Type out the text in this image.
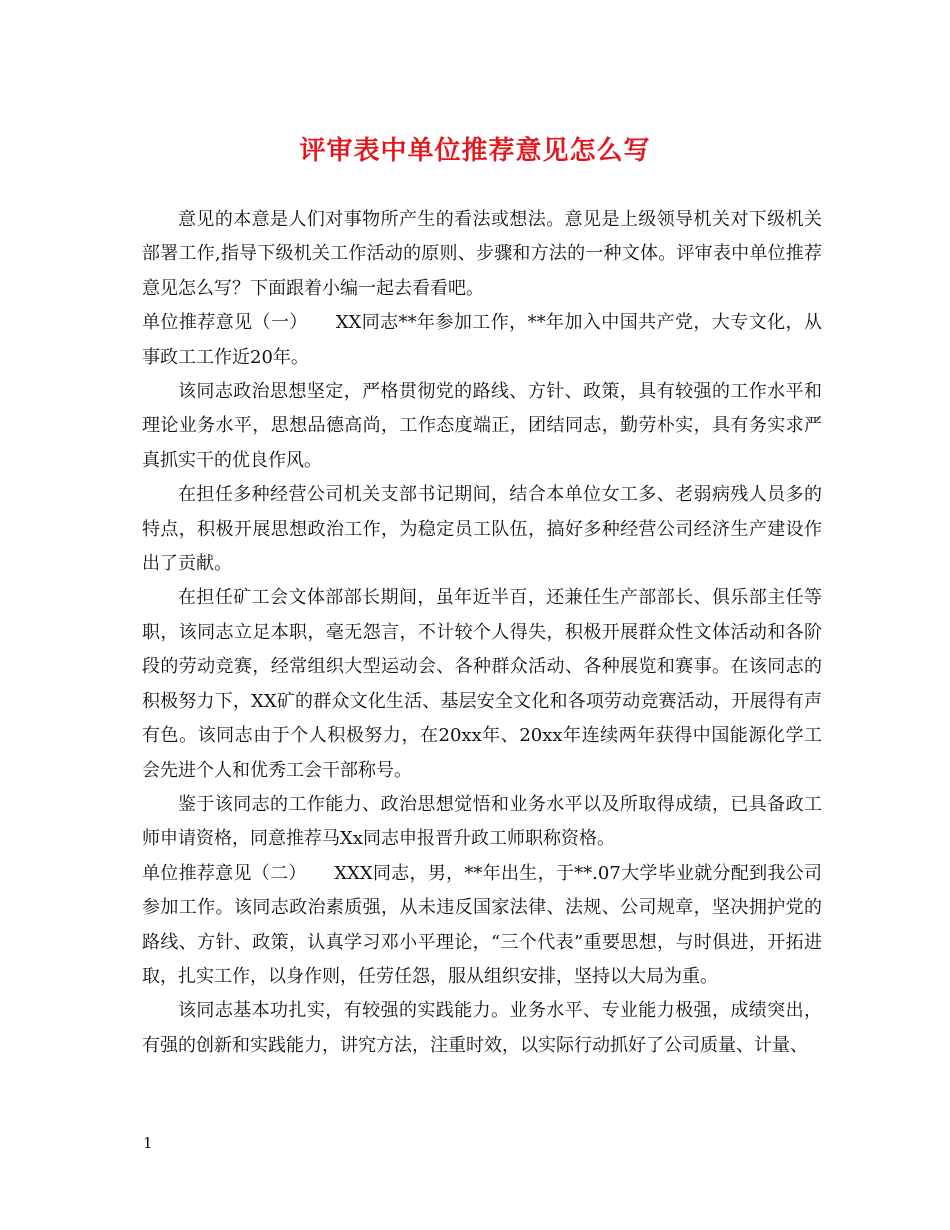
评审表中单位推荐意见怎么写

意见的本意是人们对事物所产生的看法或想法。意见是上级领导机关对下级机关部署工作,指导下级机关工作活动的原则、步骤和方法的一种文体。评审表中单位推荐意见怎么写？下面跟着小编一起去看看吧。

单位推荐意见（一）　　XX同志**年参加工作，**年加入中国共产党，大专文化，从事政工工作近20年。

该同志政治思想坚定，严格贯彻党的路线、方针、政策，具有较强的工作水平和理论业务水平，思想品德高尚，工作态度端正，团结同志，勤劳朴实，具有务实求严真抓实干的优良作风。

在担任多种经营公司机关支部书记期间，结合本单位女工多、老弱病残人员多的特点，积极开展思想政治工作，为稳定员工队伍，搞好多种经营公司经济生产建设作出了贡献。

在担任矿工会文体部部长期间，虽年近半百，还兼任生产部部长、俱乐部主任等职，该同志立足本职，毫无怨言，不计较个人得失，积极开展群众性文体活动和各阶段的劳动竞赛，经常组织大型运动会、各种群众活动、各种展览和赛事。在该同志的积极努力下，XX矿的群众文化生活、基层安全文化和各项劳动竞赛活动，开展得有声有色。该同志由于个人积极努力，在20xx年、20xx年连续两年获得中国能源化学工会先进个人和优秀工会干部称号。

鉴于该同志的工作能力、政治思想觉悟和业务水平以及所取得成绩，已具备政工师申请资格，同意推荐马Xx同志申报晋升政工师职称资格。

单位推荐意见（二）　　XXX同志，男，**年出生，于**.07大学毕业就分配到我公司参加工作。该同志政治素质强，从未违反国家法律、法规、公司规章，坚决拥护党的路线、方针、政策，认真学习邓小平理论，“三个代表”重要思想，与时俱进，开拓进取，扎实工作，以身作则，任劳任怨，服从组织安排，坚持以大局为重。

该同志基本功扎实，有较强的实践能力。业务水平、专业能力极强，成绩突出，有强的创新和实践能力，讲究方法，注重时效，以实际行动抓好了公司质量、计量、

1
